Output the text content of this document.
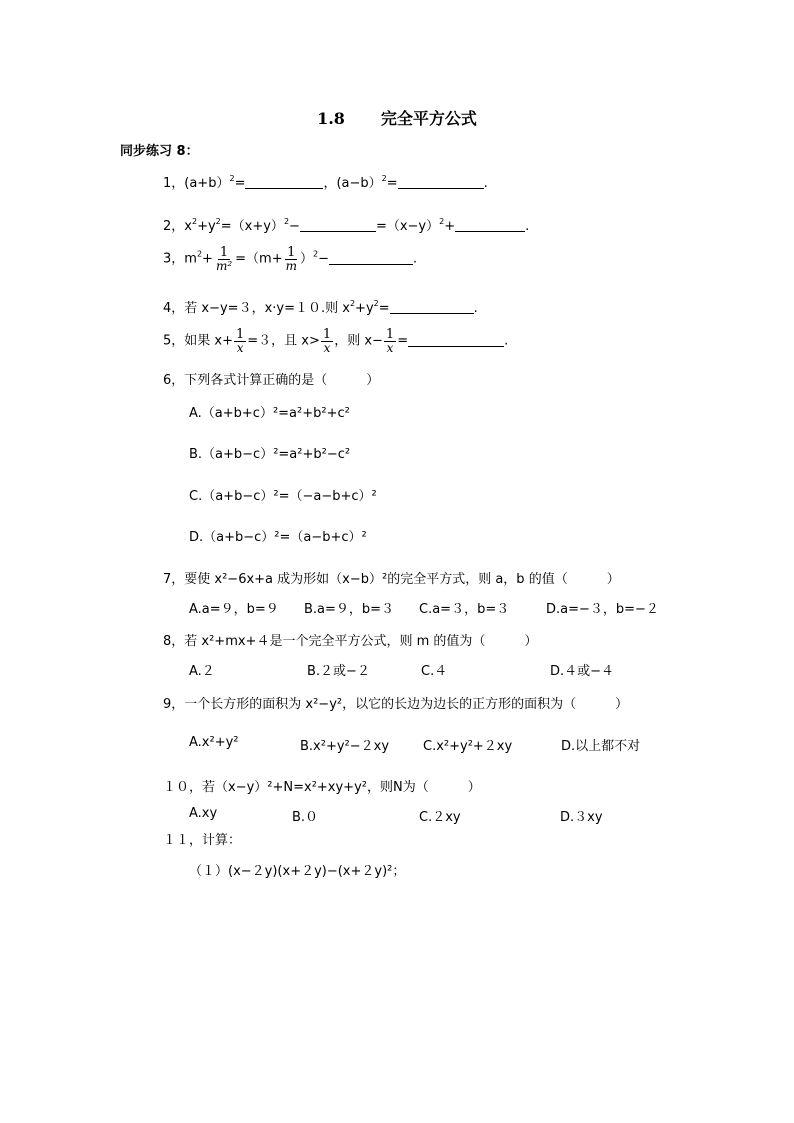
1.8 完全平方公式
同步练习 8：
1，(a+b）$^2$=	，(a−b）$^2$=	.
2，$x^2+y^2=(x+y)^2-$	$=(x-y)^2+$	.
3，$m^2+ \frac{1}{\text{m²}} =(m+ \frac{1}{m} )^2-$	.
4，若 x−y=３，x·y=１０.则 $x^2+y^2=$	.
5，如果 $x+ \frac{1}{x} =3$，且 $x> \frac{1}{x}$ ，则 $x- \frac{1}{x}$ =	.
6，下列各式计算正确的是（　　　）
A.（a+b+c）²=a²+b²+c²
B.（a+b−c）²=a²+b²−c²
C.（a+b−c）²=（−a−b+c）²
D.（a+b−c）²=（a−b+c）²
7，要使 x²−6x+a 成为形如（x−b）²的完全平方式，则 a，b 的值（　　　）
A.a=９，b=９ B.a=９，b=３ C.a=３，b=３	D.a=−３，b=−２
8，若 x²+mx+４是一个完全平方公式，则 m 的值为（　　　）
A.２	B.２或−２	C.４	D.４或−４
9，一个长方形的面积为 x²−y²，以它的长边为边长的正方形的面积为（　　　）
A.x²+y²	B.x²+y²−２xy	C.x²+y²+２xy	D.以上都不对
１０，若（x−y）²+N=x²+xy+y²，则N为（　　　）
A.xy	B.０	C.２xy	D.３xy
１１，计算：
（１）(x−２y)(x+２y)−(x+２y)²；
